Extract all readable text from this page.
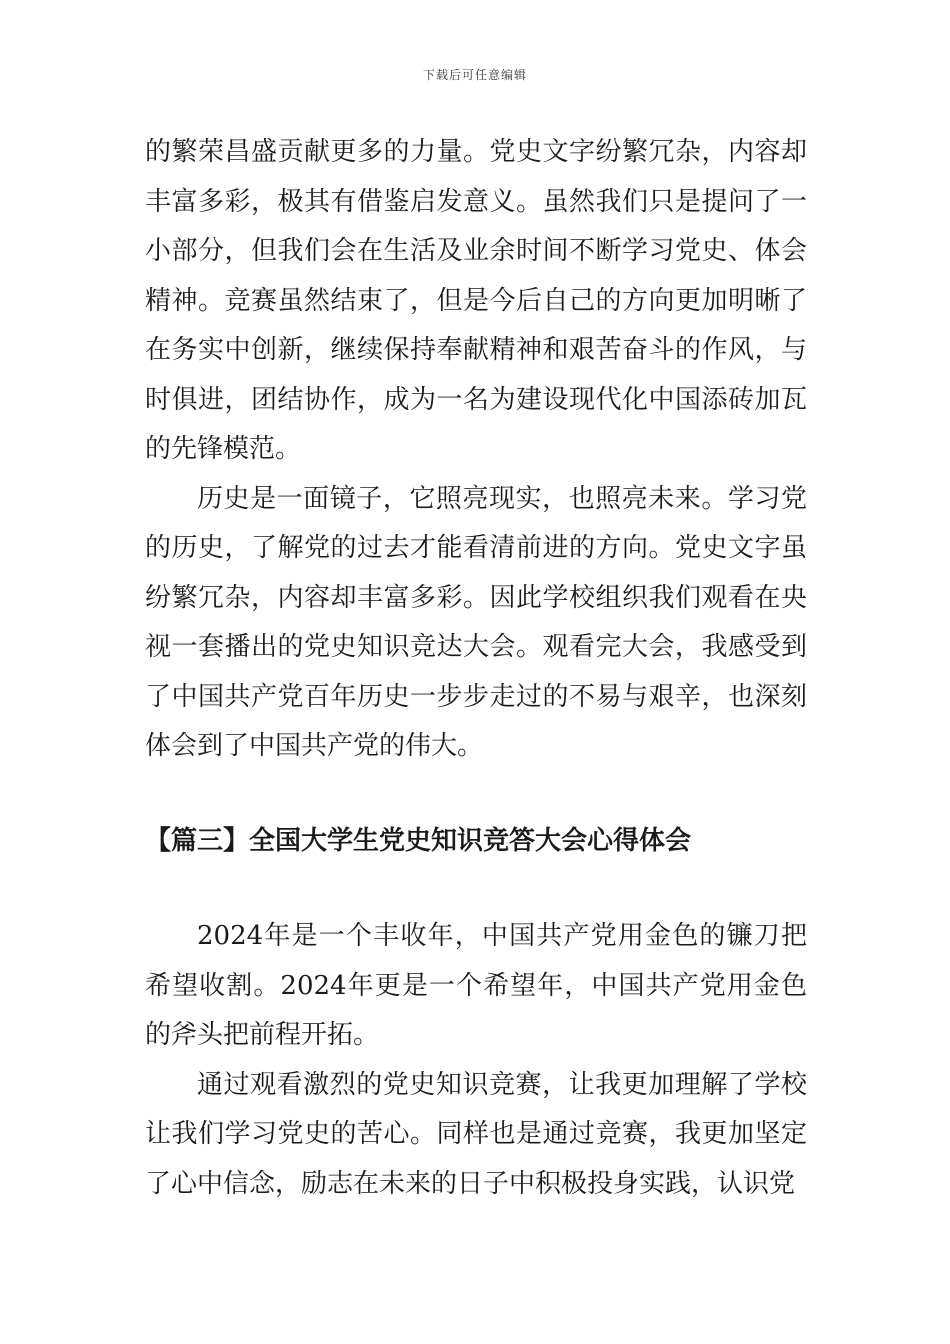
下载后可任意编辑

的繁荣昌盛贡献更多的力量。党史文字纷繁冗杂，内容却丰富多彩，极其有借鉴启发意义。虽然我们只是提问了一小部分，但我们会在生活及业余时间不断学习党史、体会精神。竞赛虽然结束了，但是今后自己的方向更加明晰了在务实中创新，继续保持奉献精神和艰苦奋斗的作风，与时俱进，团结协作，成为一名为建设现代化中国添砖加瓦的先锋模范。

历史是一面镜子，它照亮现实，也照亮未来。学习党的历史，了解党的过去才能看清前进的方向。党史文字虽纷繁冗杂，内容却丰富多彩。因此学校组织我们观看在央视一套播出的党史知识竞达大会。观看完大会，我感受到了中国共产党百年历史一步步走过的不易与艰辛，也深刻体会到了中国共产党的伟大。

【篇三】全国大学生党史知识竞答大会心得体会

2024年是一个丰收年，中国共产党用金色的镰刀把希望收割。2024年更是一个希望年，中国共产党用金色的斧头把前程开拓。

通过观看激烈的党史知识竞赛，让我更加理解了学校让我们学习党史的苦心。同样也是通过竞赛，我更加坚定了心中信念，励志在未来的日子中积极投身实践，认识党
